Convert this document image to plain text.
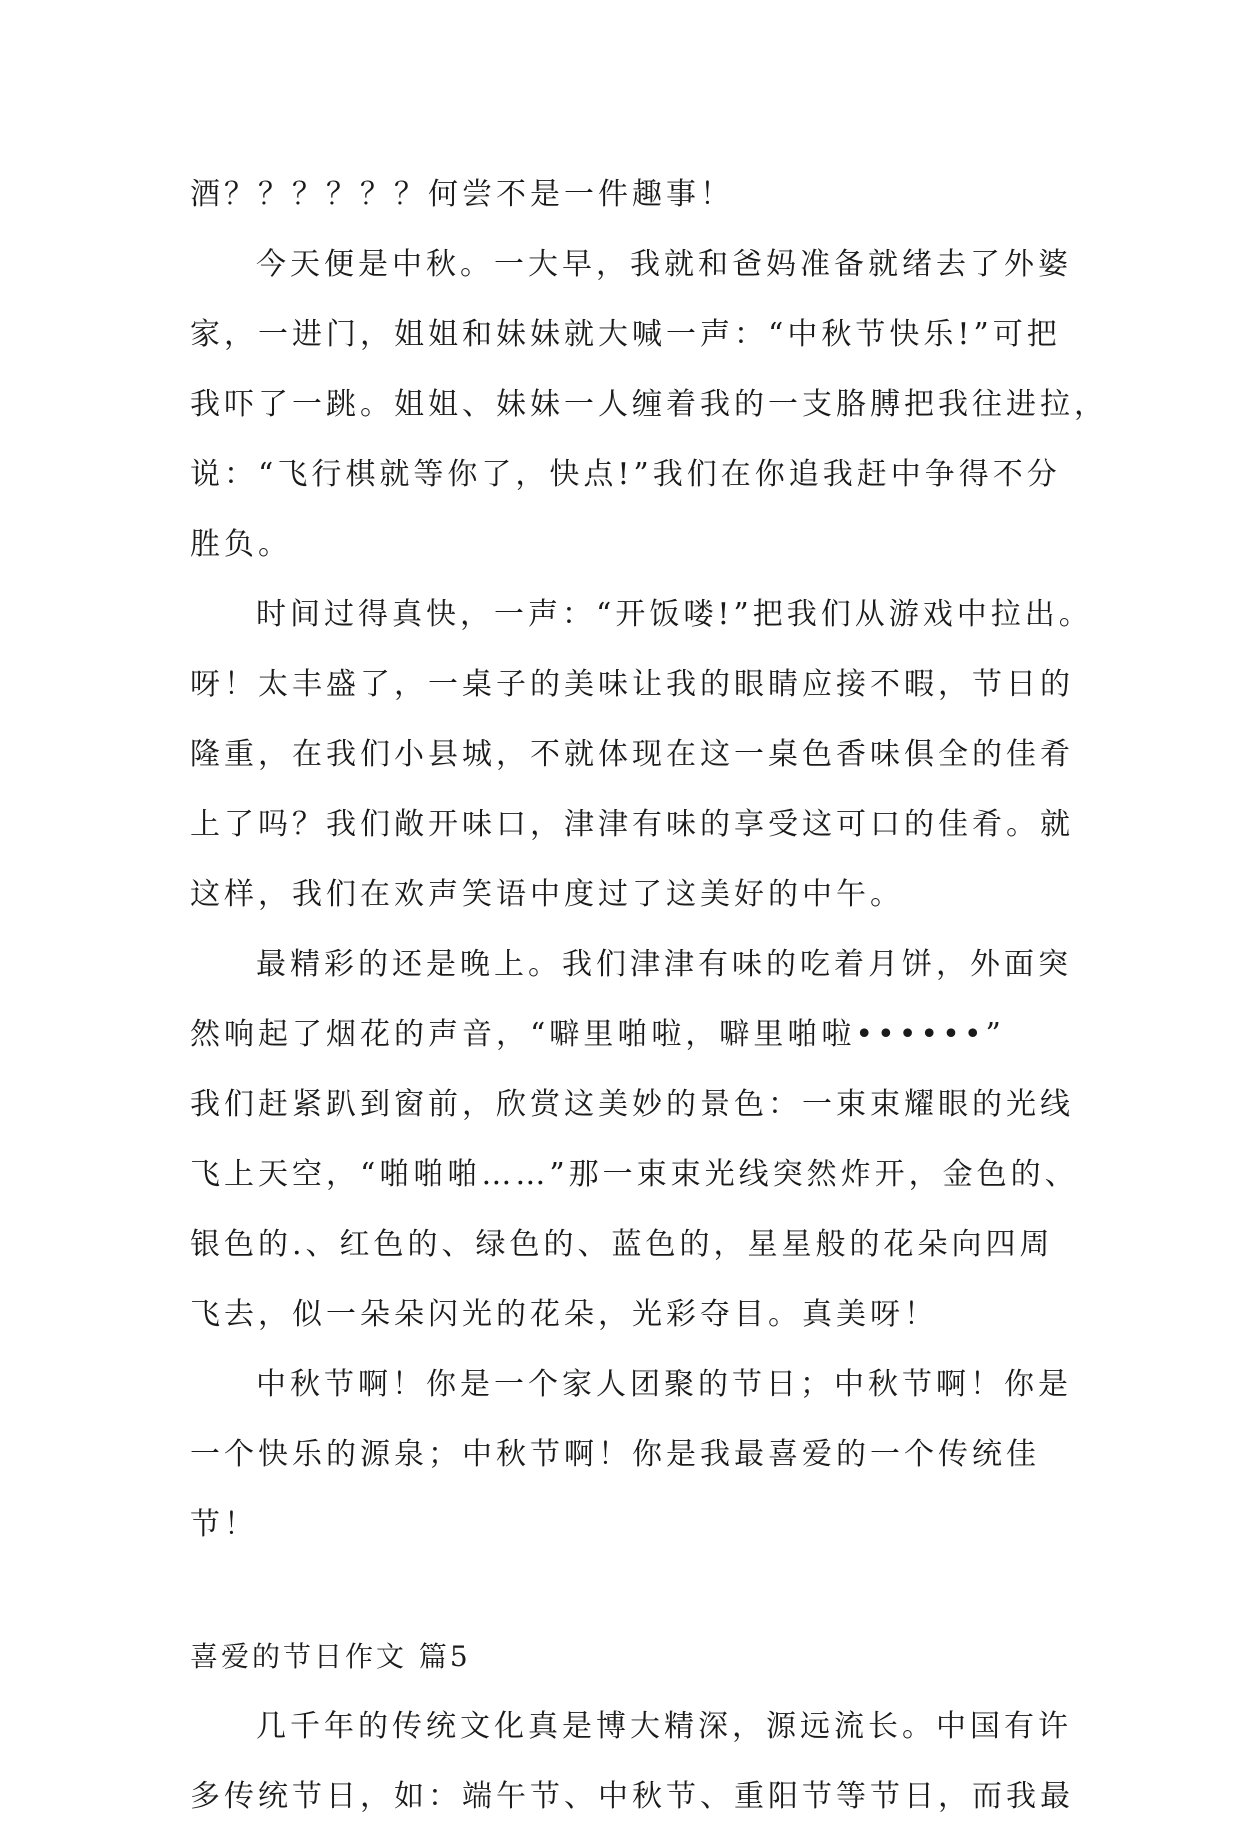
酒？？？？？？何尝不是一件趣事！
今天便是中秋。一大早，我就和爸妈准备就绪去了外婆
家，一进门，姐姐和妹妹就大喊一声：“中秋节快乐!”可把
我吓了一跳。姐姐、妹妹一人缠着我的一支胳膊把我往进拉，
说：“飞行棋就等你了，快点!”我们在你追我赶中争得不分
胜负。
时间过得真快，一声：“开饭喽!”把我们从游戏中拉出。
呀！太丰盛了，一桌子的美味让我的眼睛应接不暇，节日的
隆重，在我们小县城，不就体现在这一桌色香味俱全的佳肴
上了吗？我们敞开味口，津津有味的享受这可口的佳肴。就
这样，我们在欢声笑语中度过了这美好的中午。
最精彩的还是晚上。我们津津有味的吃着月饼，外面突
然响起了烟花的声音，“噼里啪啦，噼里啪啦••••••”
我们赶紧趴到窗前，欣赏这美妙的景色：一束束耀眼的光线
飞上天空，“啪啪啪……”那一束束光线突然炸开，金色的、
银色的.、红色的、绿色的、蓝色的，星星般的花朵向四周
飞去，似一朵朵闪光的花朵，光彩夺目。真美呀！
中秋节啊！你是一个家人团聚的节日；中秋节啊！你是
一个快乐的源泉；中秋节啊！你是我最喜爱的一个传统佳
节！
喜爱的节日作文 篇5
几千年的传统文化真是博大精深，源远流长。中国有许
多传统节日，如：端午节、中秋节、重阳节等节日，而我最
